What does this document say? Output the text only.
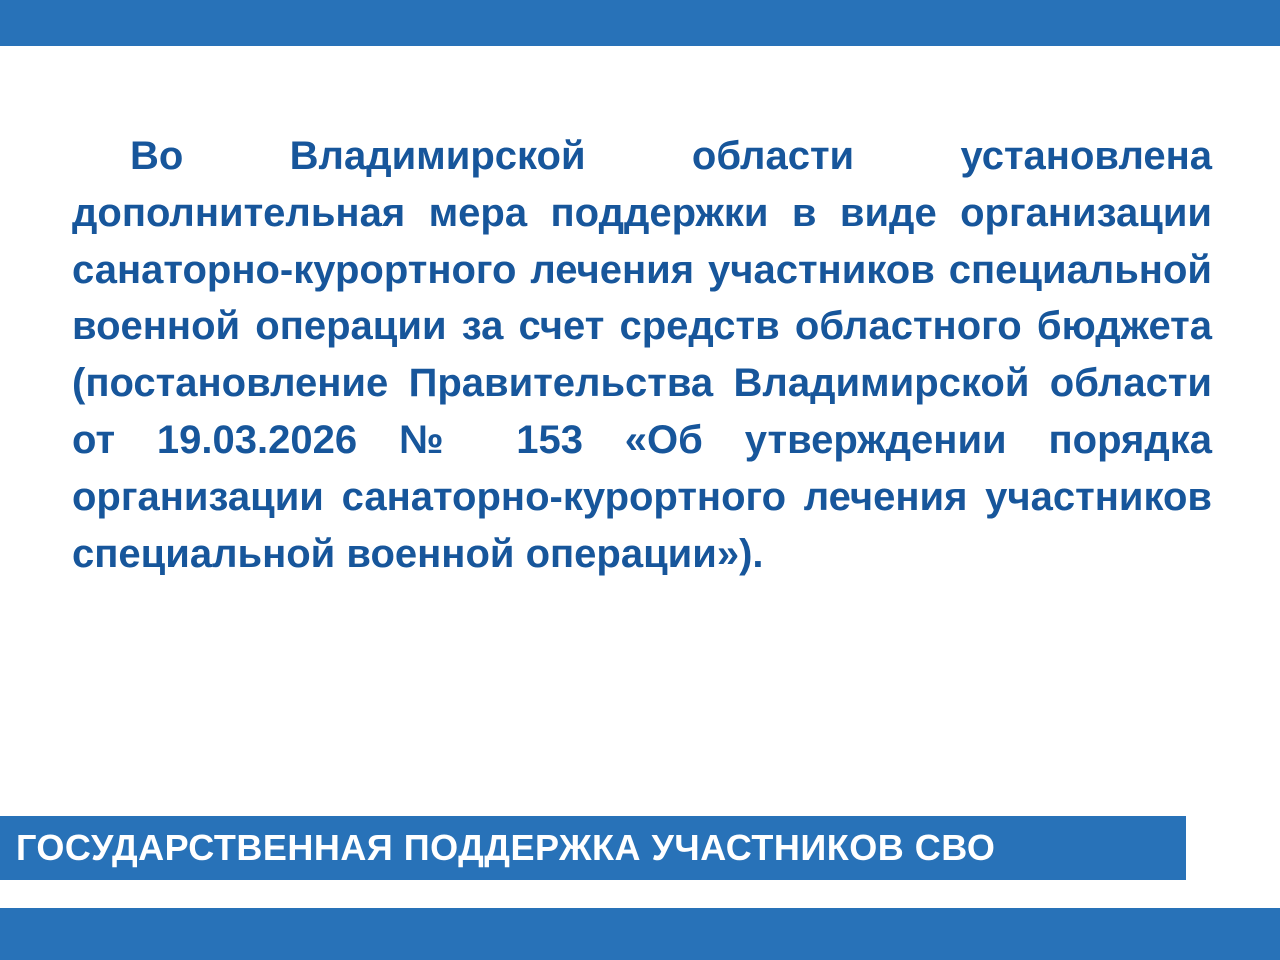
Во Владимирской области установлена дополнительная мера поддержки в виде организации санаторно-курортного лечения участников специальной военной операции за счет средств областного бюджета (постановление Правительства Владимирской области от 19.03.2026 № 153 «Об утверждении порядка организации санаторно-курортного лечения участников специальной военной операции»).

ГОСУДАРСТВЕННАЯ ПОДДЕРЖКА УЧАСТНИКОВ СВО
